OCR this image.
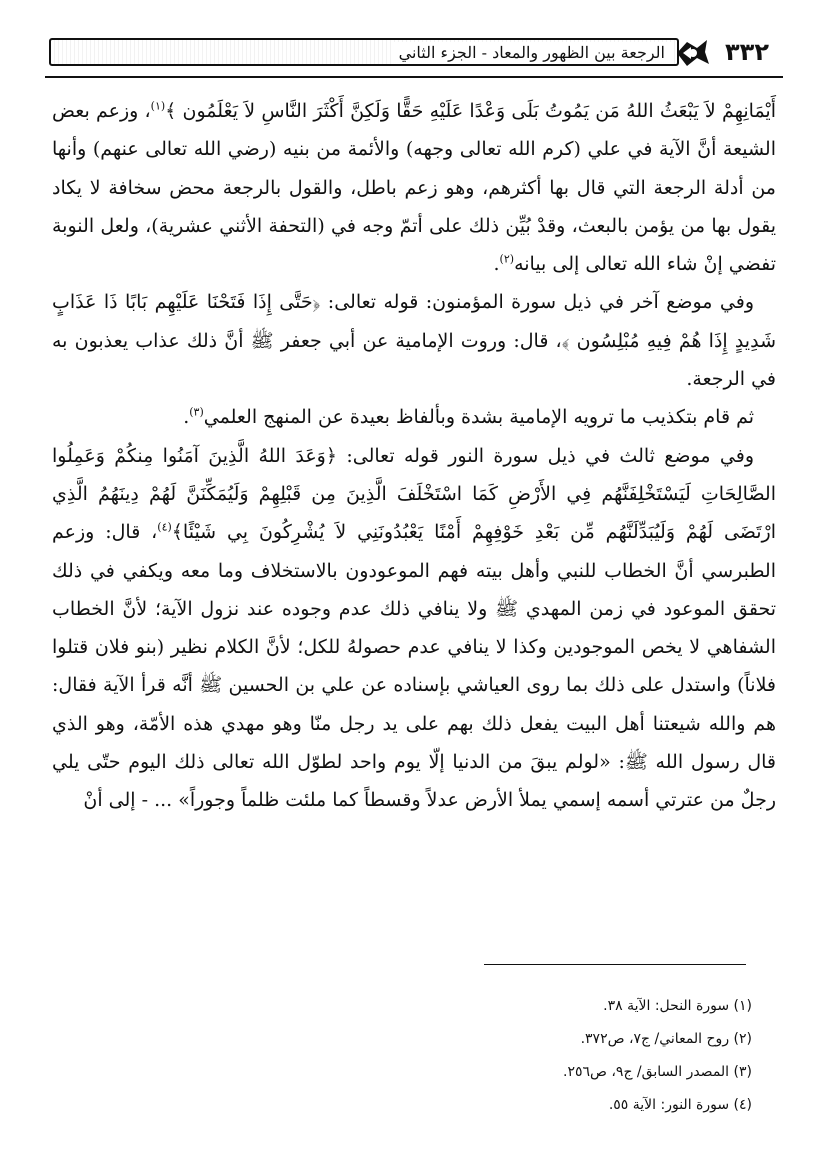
٣٣٢
الرجعة بين الظهور والمعاد - الجزء الثاني

أَيْمَانِهِمْ لاَ يَبْعَثُ اللهُ مَن يَمُوتُ بَلَى وَعْدًا عَلَيْهِ حَقًّا وَلَكِنَّ أَكْثَرَ النَّاسِ لاَ يَعْلَمُون ﴾$^{(١)}$، وزعم بعض الشيعة أنَّ الآية في علي (كرم الله تعالى وجهه) والأئمة من بنيه (رضي الله تعالى عنهم) وأنها من أدلة الرجعة التي قال بها أكثرهم، وهو زعم باطل، والقول بالرجعة محض سخافة لا يكاد يقول بها من يؤمن بالبعث، وقدْ بُيِّن ذلك على أتمّ وجه في (التحفة الأثني عشرية)، ولعل النوبة تفضي إنْ شاء الله تعالى إلى بيانه$^{(٢)}$.

وفي موضع آخر في ذيل سورة المؤمنون: قوله تعالى: ﴿حَتَّى إِذَا فَتَحْنَا عَلَيْهِم بَابًا ذَا عَذَابٍ شَدِيدٍ إِذَا هُمْ فِيهِ مُبْلِسُون ﴾، قال: وروت الإمامية عن أبي جعفر ﷺ أنَّ ذلك عذاب يعذبون به في الرجعة.

ثم قام بتكذيب ما ترويه الإمامية بشدة وبألفاظ بعيدة عن المنهج العلمي$^{(٣)}$.

وفي موضع ثالث في ذيل سورة النور قوله تعالى: ﴿وَعَدَ اللهُ الَّذِينَ آمَنُوا مِنكُمْ وَعَمِلُوا الصَّالِحَاتِ لَيَسْتَخْلِفَنَّهُم فِي الأَرْضِ كَمَا اسْتَخْلَفَ الَّذِينَ مِن قَبْلِهِمْ وَلَيُمَكِّنَنَّ لَهُمْ دِينَهُمُ الَّذِي ارْتَضَى لَهُمْ وَلَيُبَدِّلَنَّهُم مِّن بَعْدِ خَوْفِهِمْ أَمْنًا يَعْبُدُونَنِي لاَ يُشْرِكُونَ بِي شَيْئًا﴾$^{(٤)}$، قال: وزعم الطبرسي أنَّ الخطاب للنبي وأهل بيته فهم الموعودون بالاستخلاف وما معه ويكفي في ذلك تحقق الموعود في زمن المهدي ﷺ ولا ينافي ذلك عدم وجوده عند نزول الآية؛ لأنَّ الخطاب الشفاهي لا يخص الموجودين وكذا لا ينافي عدم حصولهُ للكل؛ لأنَّ الكلام نظير (بنو فلان قتلوا فلاناً) واستدل على ذلك بما روى العياشي بإسناده عن علي بن الحسين ﷺ أنَّه قرأ الآية فقال: هم والله شيعتنا أهل البيت يفعل ذلك بهم على يد رجل منّا وهو مهدي هذه الأمّة، وهو الذي قال رسول الله ﷺ: «لولم يبقَ من الدنيا إلّا يوم واحد لطوّل الله تعالى ذلك اليوم حتّى يلي رجلٌ من عترتي أسمه إسمي يملأ الأرض عدلاً وقسطاً كما ملئت ظلماً وجوراً» ... - إلى أنْ

(١) سورة النحل: الآية ٣٨.
(٢) روح المعاني/ ج٧، ص٣٧٢.
(٣) المصدر السابق/ ج٩، ص٢٥٦.
(٤) سورة النور: الآية ٥٥.
